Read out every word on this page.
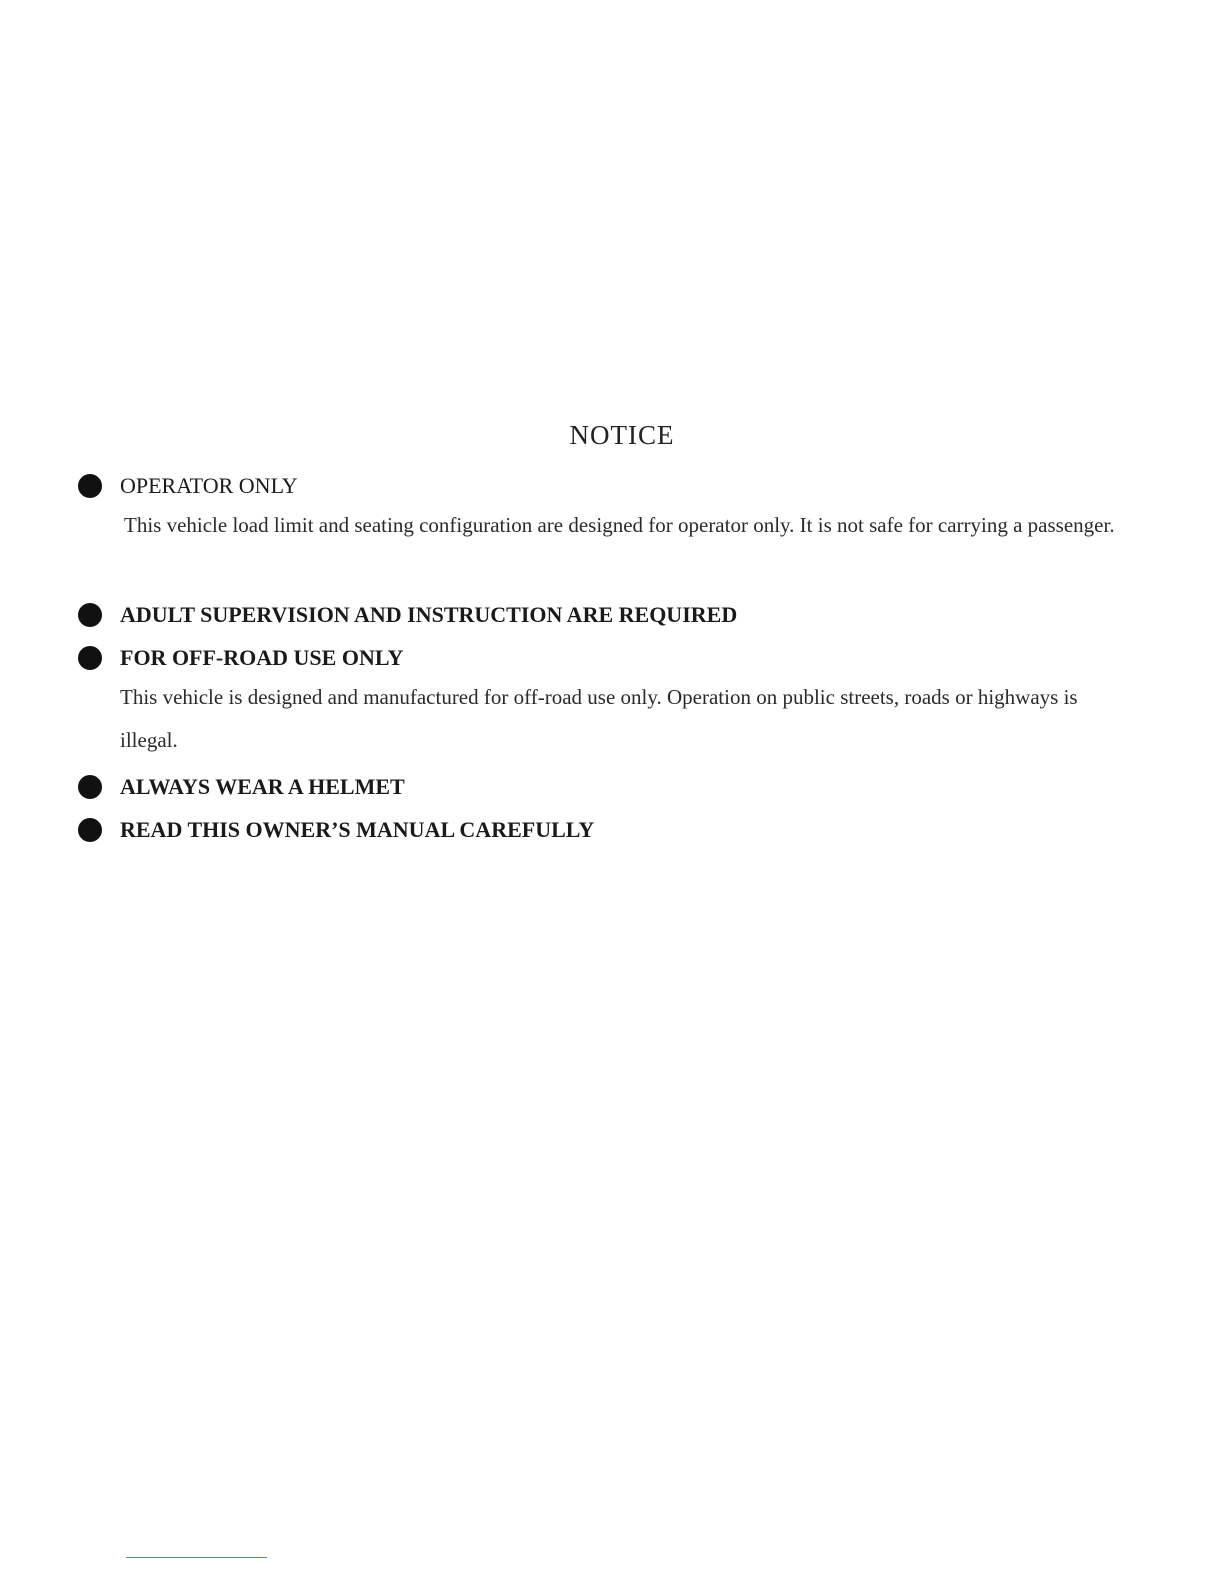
NOTICE
OPERATOR ONLY
This vehicle load limit and seating configuration are designed for operator only. It is not safe for carrying a passenger.
ADULT SUPERVISION AND INSTRUCTION ARE REQUIRED
FOR OFF-ROAD USE ONLY
This vehicle is designed and manufactured for off-road use only. Operation on public streets, roads or highways is illegal.
ALWAYS WEAR A HELMET
READ THIS OWNER’S MANUAL CAREFULLY
